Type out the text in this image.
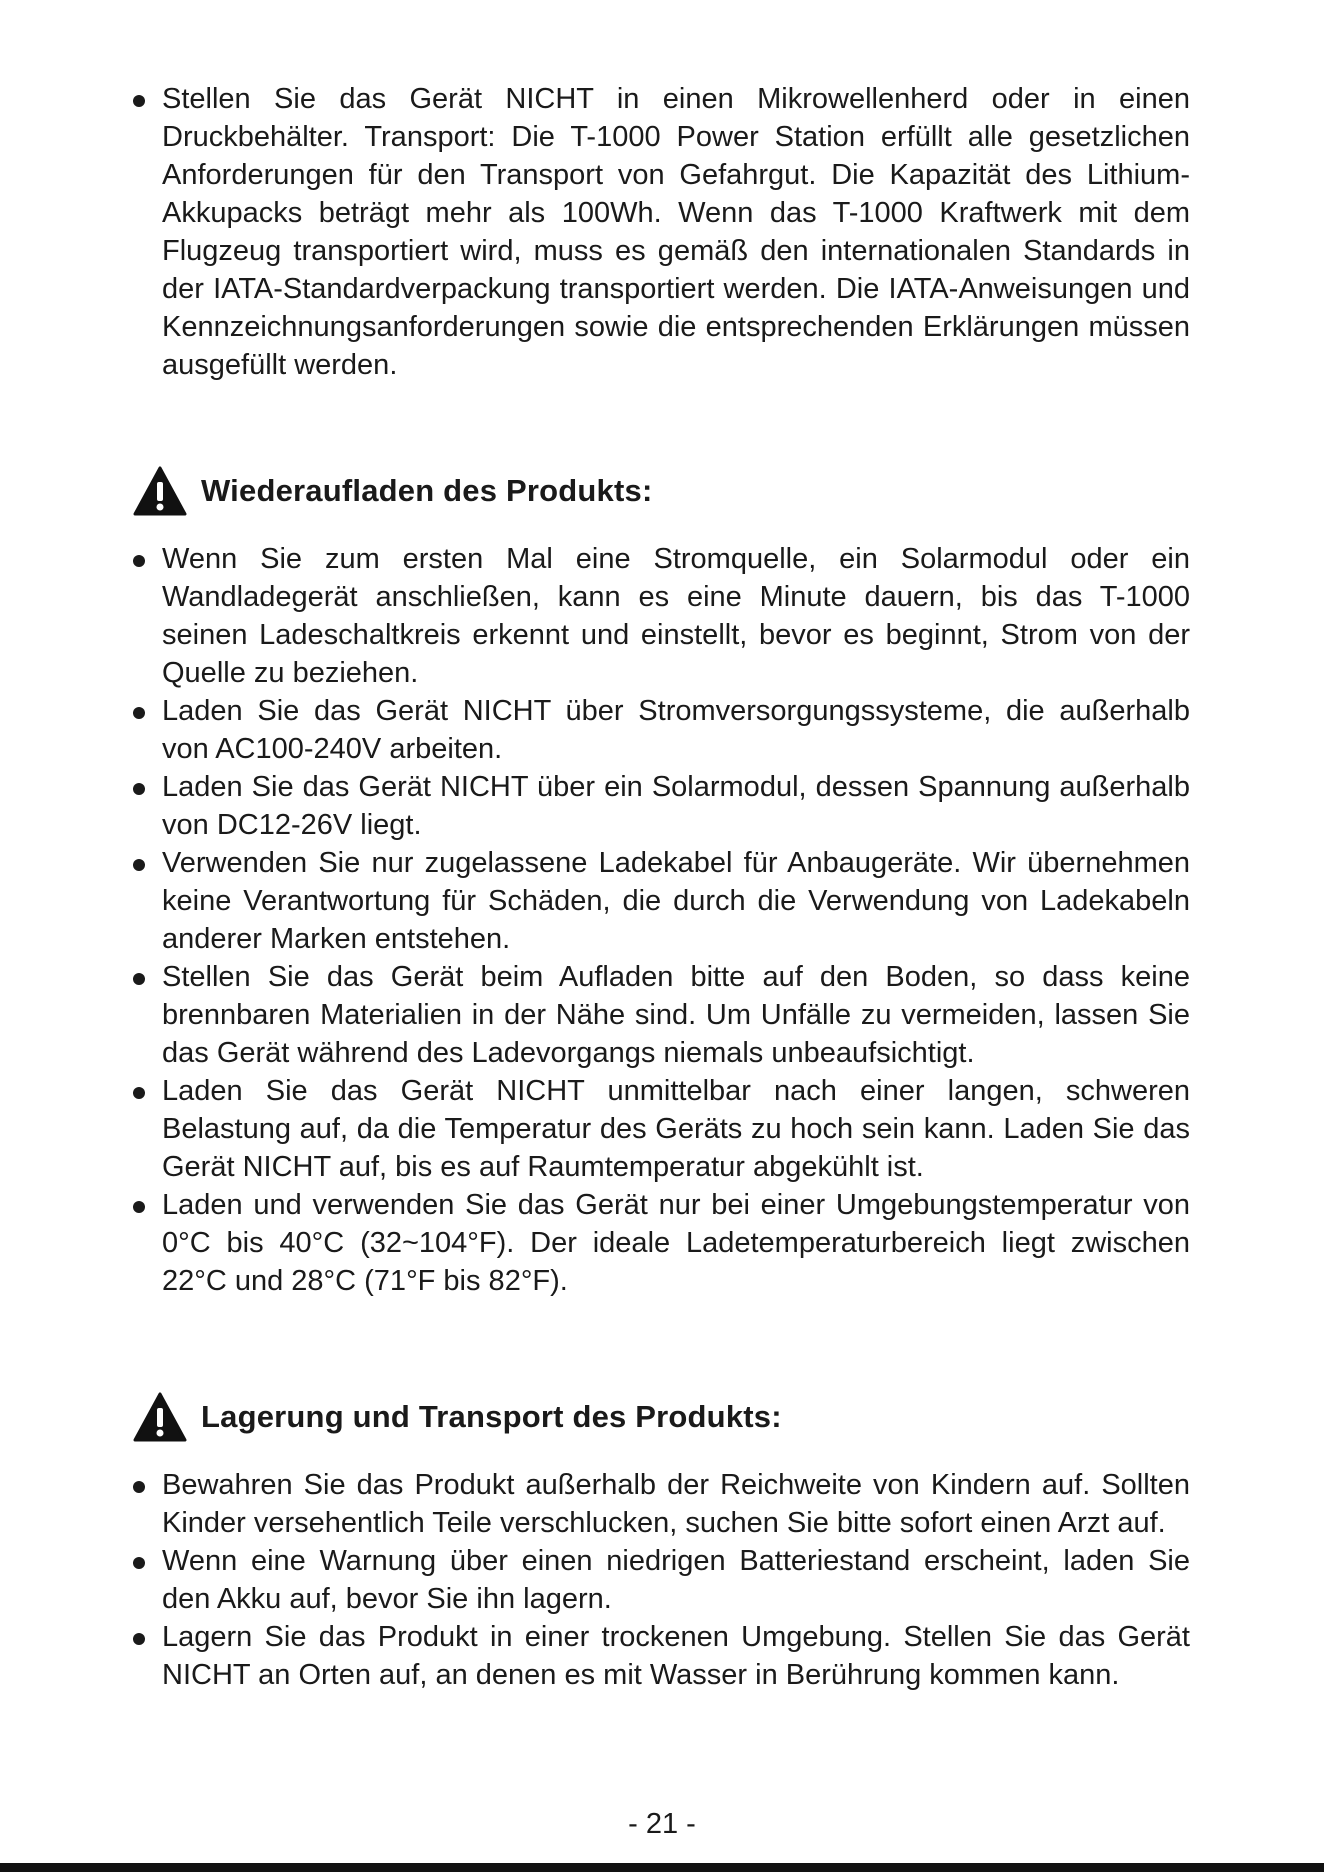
Stellen Sie das Gerät NICHT in einen Mikrowellenherd oder in einen Druckbehälter. Transport: Die T-1000 Power Station erfüllt alle gesetzlichen Anforderungen für den Transport von Gefahrgut. Die Kapazität des Lithium- Akkupacks beträgt mehr als 100Wh. Wenn das T-1000 Kraftwerk mit dem Flugzeug transportiert wird, muss es gemäß den internationalen Standards in der IATA-Standardverpackung transportiert werden. Die IATA-Anweisungen und Kennzeichnungsanforderungen sowie die entsprechenden Erklärungen müssen ausgefüllt werden.
Wiederaufladen des Produkts:
Wenn Sie zum ersten Mal eine Stromquelle, ein Solarmodul oder ein Wandladegerät anschließen, kann es eine Minute dauern, bis das T-1000 seinen Ladeschaltkreis erkennt und einstellt, bevor es beginnt, Strom von der Quelle zu beziehen.
Laden Sie das Gerät NICHT über Stromversorgungssysteme, die außerhalb von AC100-240V arbeiten.
Laden Sie das Gerät NICHT über ein Solarmodul, dessen Spannung außerhalb von DC12-26V liegt.
Verwenden Sie nur zugelassene Ladekabel für Anbaugeräte. Wir übernehmen keine Verantwortung für Schäden, die durch die Verwendung von Ladekabeln anderer Marken entstehen.
Stellen Sie das Gerät beim Aufladen bitte auf den Boden, so dass keine brennbaren Materialien in der Nähe sind. Um Unfälle zu vermeiden, lassen Sie das Gerät während des Ladevorgangs niemals unbeaufsichtigt.
Laden Sie das Gerät NICHT unmittelbar nach einer langen, schweren Belastung auf, da die Temperatur des Geräts zu hoch sein kann. Laden Sie das Gerät NICHT auf, bis es auf Raumtemperatur abgekühlt ist.
Laden und verwenden Sie das Gerät nur bei einer Umgebungstemperatur von 0°C bis 40°C (32~104°F). Der ideale Ladetemperaturbereich liegt zwischen 22°C und 28°C (71°F bis 82°F).
Lagerung und Transport des Produkts:
Bewahren Sie das Produkt außerhalb der Reichweite von Kindern auf. Sollten Kinder versehentlich Teile verschlucken, suchen Sie bitte sofort einen Arzt auf.
Wenn eine Warnung über einen niedrigen Batteriestand erscheint, laden Sie den Akku auf, bevor Sie ihn lagern.
Lagern Sie das Produkt in einer trockenen Umgebung. Stellen Sie das Gerät NICHT an Orten auf, an denen es mit Wasser in Berührung kommen kann.
- 21 -
